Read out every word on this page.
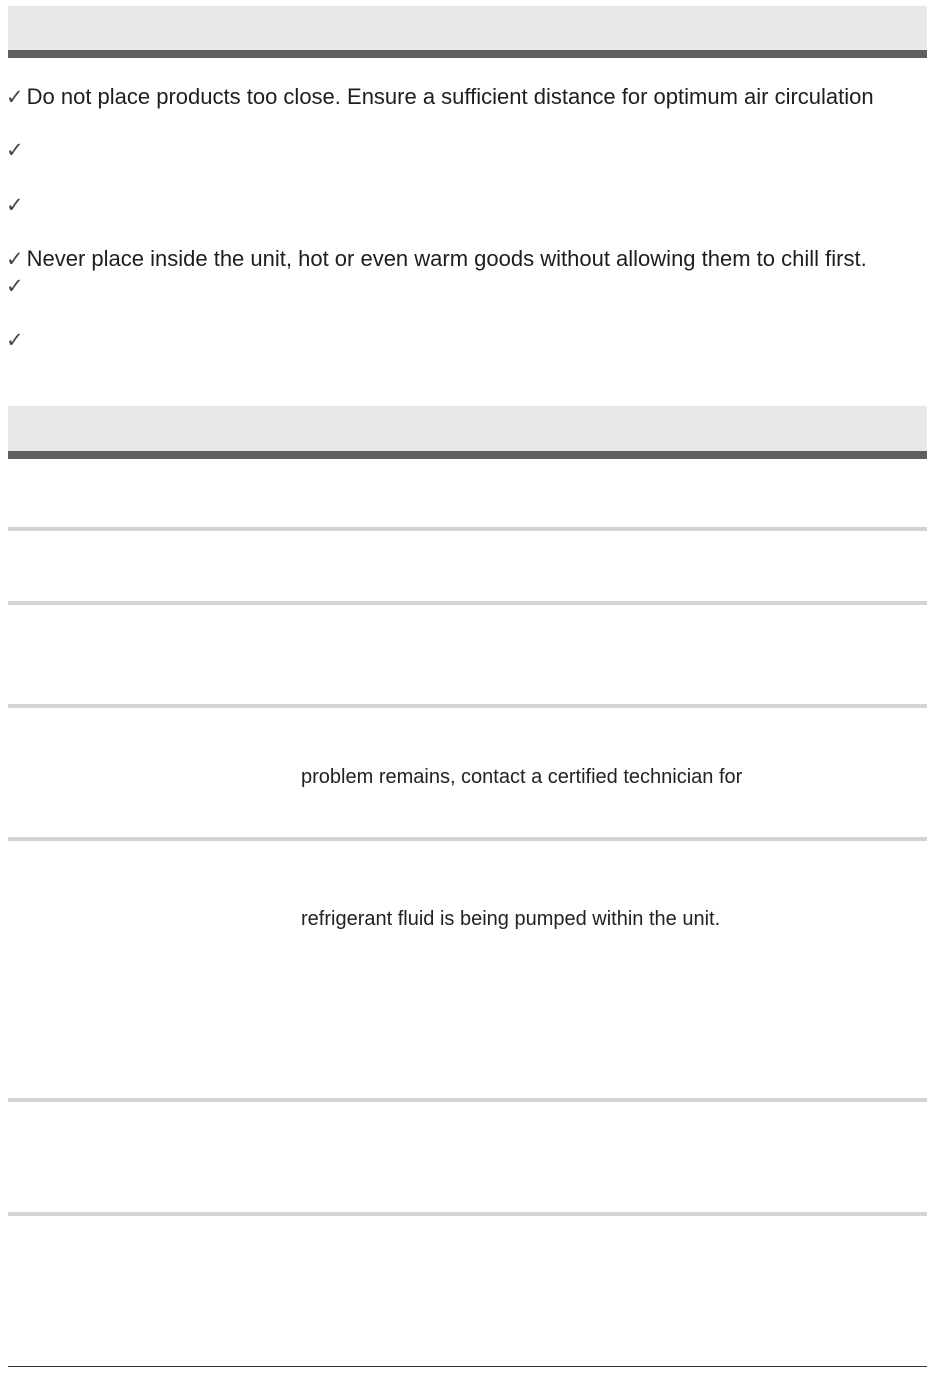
✓ Do not place products too close. Ensure a sufficient distance for optimum air circulation
✓
✓
✓ Never place inside the unit, hot or even warm goods without allowing them to chill first.
✓
✓
problem remains, contact a certified technician for
refrigerant fluid is being pumped within the unit.
